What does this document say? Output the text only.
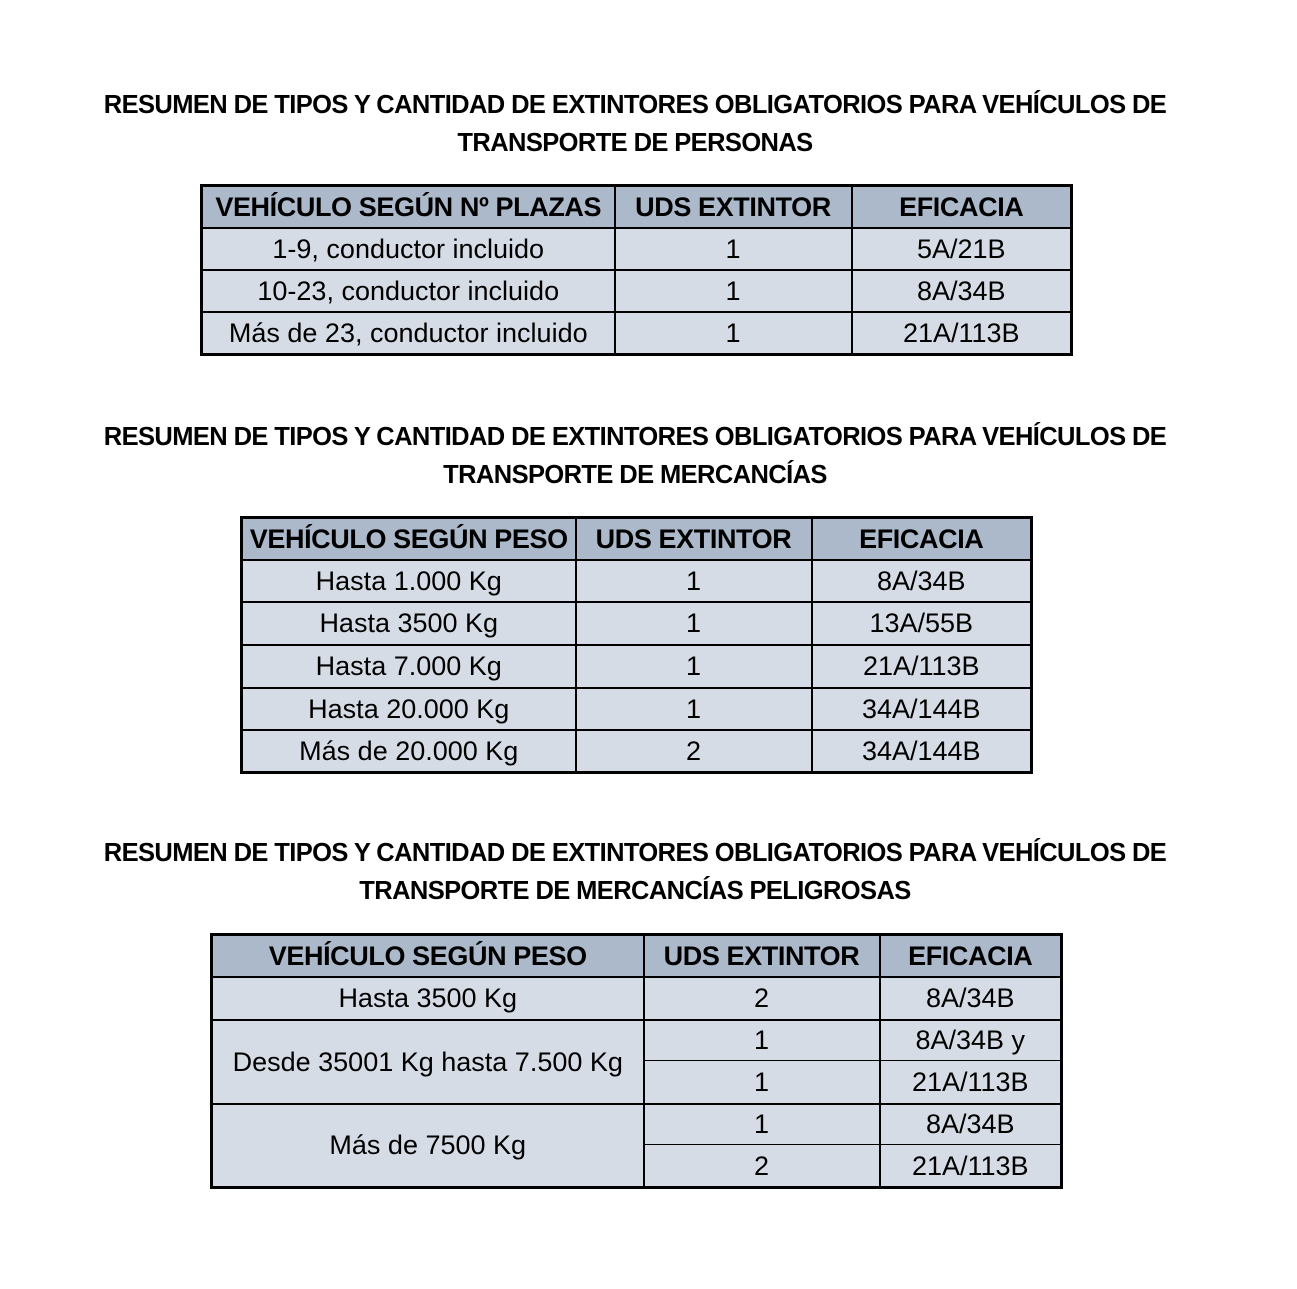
RESUMEN DE TIPOS Y CANTIDAD DE EXTINTORES OBLIGATORIOS PARA VEHÍCULOS DE
TRANSPORTE DE PERSONAS
VEHÍCULO SEGÚN Nº PLAZAS	UDS EXTINTOR	EFICACIA
1-9, conductor incluido	1	5A/21B
10-23, conductor incluido	1	8A/34B
Más de 23, conductor incluido	1	21A/113B
RESUMEN DE TIPOS Y CANTIDAD DE EXTINTORES OBLIGATORIOS PARA VEHÍCULOS DE
TRANSPORTE DE MERCANCÍAS
VEHÍCULO SEGÚN PESO	UDS EXTINTOR	EFICACIA
Hasta 1.000 Kg	1	8A/34B
Hasta 3500 Kg	1	13A/55B
Hasta 7.000 Kg	1	21A/113B
Hasta 20.000 Kg	1	34A/144B
Más de 20.000 Kg	2	34A/144B
RESUMEN DE TIPOS Y CANTIDAD DE EXTINTORES OBLIGATORIOS PARA VEHÍCULOS DE
TRANSPORTE DE MERCANCÍAS PELIGROSAS
VEHÍCULO SEGÚN PESO	UDS EXTINTOR	EFICACIA
Hasta 3500 Kg	2	8A/34B
Desde 35001 Kg hasta 7.500 Kg	1	8A/34B y
	1	21A/113B
Más de 7500 Kg	1	8A/34B
	2	21A/113B
